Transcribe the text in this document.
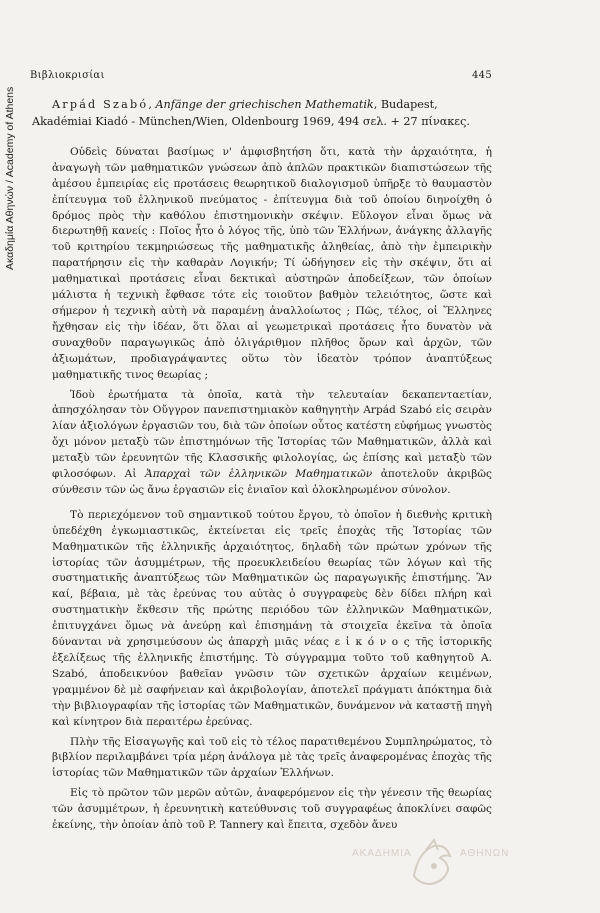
Ακαδημία Αθηνών / Academy of Athens
Βιβλιοκρισίαι	445
Arpád Szabó, Anfänge der griechischen Mathematik, Budapest,
Akadémiai Kiadó - München/Wien, Oldenbourg 1969, 494 σελ. + 27 πίνακες.

Οὐδεὶς δύναται βασίμως ν' ἀμφισβητήση ὅτι, κατὰ τὴν ἀρχαιότητα, ἡ ἀναγωγὴ τῶν μαθηματικῶν γνώσεων ἀπὸ ἁπλῶν πρακτικῶν διαπιστώσεων τῆς ἀμέσου ἐμπειρίας εἰς προτάσεις θεωρητικοῦ διαλογισμοῦ ὑπῆρξε τὸ θαυμαστὸν ἐπίτευγμα τοῦ ἑλληνικοῦ πνεύματος - ἐπίτευγμα διὰ τοῦ ὁποίου διηνοίχθη ὁ δρόμος πρὸς τὴν καθόλου ἐπιστημονικὴν σκέψιν. Εὔλογον εἶναι ὅμως νὰ διερωτηθῇ κανείς : Ποῖος ἦτο ὁ λόγος τῆς, ὑπὸ τῶν Ἑλλήνων, ἀνάγκης ἀλλαγῆς τοῦ κριτηρίου τεκμηριώσεως τῆς μαθηματικῆς ἀληθείας, ἀπὸ τὴν ἐμπειρικὴν παρατήρησιν εἰς τὴν καθαρὰν Λογικήν; Τί ὡδήγησεν εἰς τὴν σκέψιν, ὅτι αἱ μαθηματικαὶ προτάσεις εἶναι δεκτικαὶ αὐστηρῶν ἀποδείξεων, τῶν ὁποίων μάλιστα ἡ τεχνικὴ ἔφθασε τότε εἰς τοιοῦτον βαθμὸν τελειότητος, ὥστε καὶ σήμερον ἡ τεχνικὴ αὐτὴ νὰ παραμένῃ ἀναλλοίωτος ; Πῶς, τέλος, οἱ Ἕλληνες ἤχθησαν εἰς τὴν ἰδέαν, ὅτι ὅλαι αἱ γεωμετρικαὶ προτάσεις ἦτο δυνατὸν νὰ συναχθοῦν παραγωγικῶς ἀπὸ ὀλιγάριθμον πλῆθος ὅρων καὶ ἀρχῶν, τῶν ἀξιωμάτων, προδιαγράψαντες οὕτω τὸν ἰδεατὸν τρόπον ἀναπτύξεως μαθηματικῆς τινος θεωρίας ;

Ἰδοὺ ἐρωτήματα τὰ ὁποῖα, κατὰ τὴν τελευταίαν δεκαπενταετίαν, ἀπησχόλησαν τὸν Οὔγγρον πανεπιστημιακὸν καθηγητὴν Arpád Szabó εἰς σειρὰν λίαν ἀξιολόγων ἐργασιῶν του, διὰ τῶν ὁποίων οὗτος κατέστη εὐφήμως γνωστὸς ὄχι μόνον μεταξὺ τῶν ἐπιστημόνων τῆς Ἱστορίας τῶν Μαθηματικῶν, ἀλλὰ καὶ μεταξὺ τῶν ἐρευνητῶν τῆς Κλασσικῆς φιλολογίας, ὡς ἐπίσης καὶ μεταξὺ τῶν φιλοσόφων. Αἱ Ἀπαρχαὶ τῶν ἑλληνικῶν Μαθηματικῶν ἀποτελοῦν ἀκριβῶς σύνθεσιν τῶν ὡς ἄνω ἐργασιῶν εἰς ἑνιαῖον καὶ ὁλοκληρωμένον σύνολον.

Τὸ περιεχόμενον τοῦ σημαντικοῦ τούτου ἔργου, τὸ ὁποῖον ἡ διεθνὴς κριτικὴ ὑπεδέχθη ἐγκωμιαστικῶς, ἐκτείνεται εἰς τρεῖς ἐποχὰς τῆς Ἱστορίας τῶν Μαθηματικῶν τῆς ἑλληνικῆς ἀρχαιότητος, δηλαδὴ τῶν πρώτων χρόνων τῆς ἱστορίας τῶν ἀσυμμέτρων, τῆς προευκλειδείου θεωρίας τῶν λόγων καὶ τῆς συστηματικῆς ἀναπτύξεως τῶν Μαθηματικῶν ὡς παραγωγικῆς ἐπιστήμης. Ἂν καί, βέβαια, μὲ τὰς ἐρεύνας του αὐτὰς ὁ συγγραφεὺς δὲν δίδει πλήρη καὶ συστηματικὴν ἔκθεσιν τῆς πρώτης περιόδου τῶν ἑλληνικῶν Μαθηματικῶν, ἐπιτυγχάνει ὅμως νὰ ἀνεύρῃ καὶ ἐπισημάνῃ τὰ στοιχεῖα ἐκεῖνα τὰ ὁποῖα δύνανται νὰ χρησιμεύσουν ὡς ἀπαρχὴ μιᾶς νέας ε ἰ κ ό ν ο ς τῆς ἱστορικῆς ἐξελίξεως τῆς ἑλληνικῆς ἐπιστήμης. Τὸ σύγγραμμα τοῦτο τοῦ καθηγητοῦ A. Szabó, ἀποδεικνύον βαθεῖαν γνῶσιν τῶν σχετικῶν ἀρχαίων κειμένων, γραμμένον δὲ μὲ σαφήνειαν καὶ ἀκριβολογίαν, ἀποτελεῖ πράγματι ἀπόκτημα διὰ τὴν βιβλιογραφίαν τῆς ἱστορίας τῶν Μαθηματικῶν, δυνάμενον νὰ καταστῇ πηγὴ καὶ κίνητρον διὰ περαιτέρω ἐρεύνας.

Πλὴν τῆς Εἰσαγωγῆς καὶ τοῦ εἰς τὸ τέλος παρατιθεμένου Συμπληρώματος, τὸ βιβλίον περιλαμβάνει τρία μέρη ἀνάλογα μὲ τὰς τρεῖς ἀναφερομένας ἐποχὰς τῆς ἱστορίας τῶν Μαθηματικῶν τῶν ἀρχαίων Ἑλλήνων.

Εἰς τὸ πρῶτον τῶν μερῶν αὐτῶν, ἀναφερόμενον εἰς τὴν γένεσιν τῆς θεωρίας τῶν ἀσυμμέτρων, ἡ ἐρευνητικὴ κατεύθυνσις τοῦ συγγραφέως ἀποκλίνει σαφῶς ἐκείνης, τὴν ὁποίαν ἀπὸ τοῦ P. Tannery καὶ ἔπειτα, σχεδὸν ἄνευ

ΑΚΑΔΗΜΙΑ	ΑΘΗΝΩΝ
